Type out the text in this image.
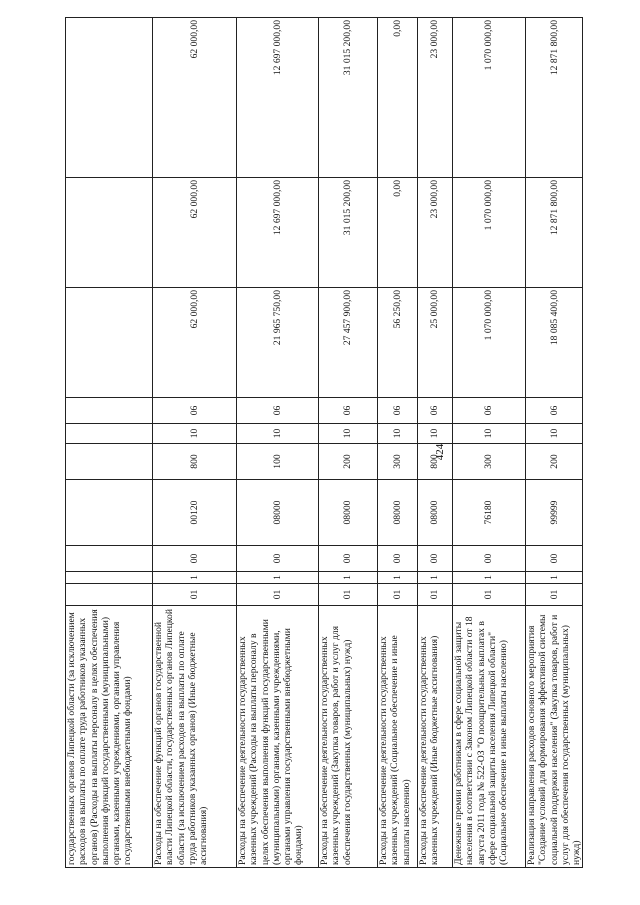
424
государственных органов Липецкой области (за исключением расходов на выплаты по оплате труда работников указанных органов) (Расходы на выплаты персоналу в целях обеспечения выполнения функций государственными (муниципальными) органами, казенными учреждениями, органами управления государственными внебюджетными фондами)										
Расходы на обеспечение функций органов государственной власти Липецкой области, государственных органов Липецкой области (за исключением расходов на выплаты по оплате труда работников указанных органов) (Иные бюджетные ассигнования)	01	1	00	00120	800	10	06	62 000,00	62 000,00	62 000,00
Расходы на обеспечение деятельности государственных казенных учреждений (Расходы на выплаты персоналу в целях обеспечения выполнения функций государственными (муниципальными) органами, казенными учреждениями, органами управления государственными внебюджетными фондами)	01	1	00	08000	100	10	06	21 965 750,00	12 697 000,00	12 697 000,00
Расходы на обеспечение деятельности государственных казенных учреждений (Закупка товаров, работ и услуг для обеспечения государственных (муниципальных) нужд)	01	1	00	08000	200	10	06	27 457 900,00	31 015 200,00	31 015 200,00
Расходы на обеспечение деятельности государственных казенных учреждений (Социальное обеспечение и иные выплаты населению)	01	1	00	08000	300	10	06	56 250,00	0,00	0,00
Расходы на обеспечение деятельности государственных казенных учреждений (Иные бюджетные ассигнования)	01	1	00	08000	800	10	06	25 000,00	23 000,00	23 000,00
Денежные премии работникам в сфере социальной защиты населения в соответствии с Законом Липецкой области от 18 августа 2011 года № 522-ОЗ "О поощрительных выплатах в сфере социальной защиты населения Липецкой области" (Социальное обеспечение и иные выплаты населению)	01	1	00	76180	300	10	06	1 070 000,00	1 070 000,00	1 070 000,00
Реализация направления расходов основного мероприятия "Создание условий для формирования эффективной системы социальной поддержки населения" (Закупка товаров, работ и услуг для обеспечения государственных (муниципальных) нужд)	01	1	00	99999	200	10	06	18 085 400,00	12 871 800,00	12 871 800,00
